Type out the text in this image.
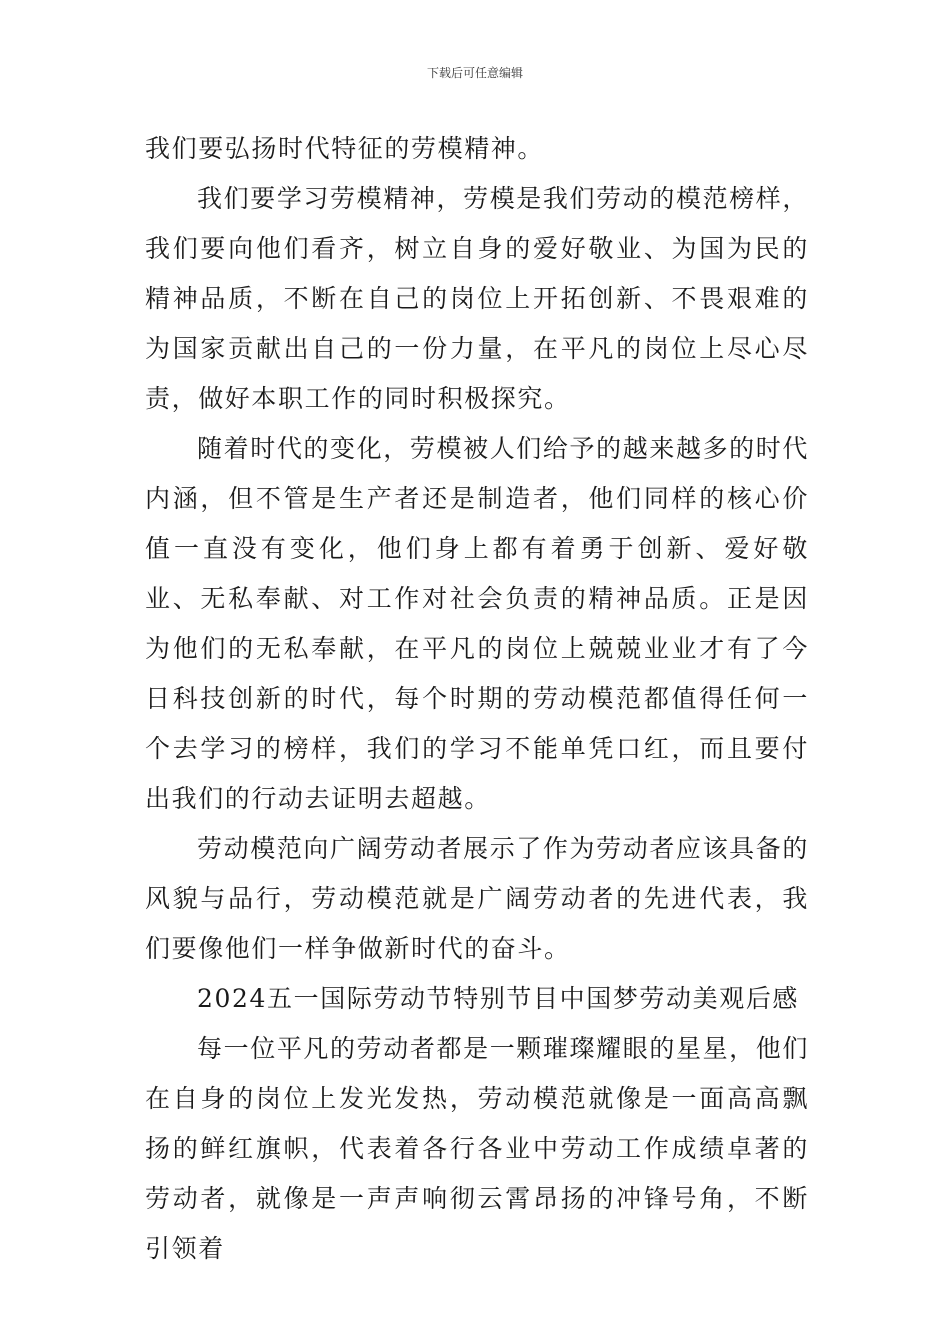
下载后可任意编辑

我们要弘扬时代特征的劳模精神。

我们要学习劳模精神，劳模是我们劳动的模范榜样，我们要向他们看齐，树立自身的爱好敬业、为国为民的精神品质，不断在自己的岗位上开拓创新、不畏艰难的为国家贡献出自己的一份力量，在平凡的岗位上尽心尽责，做好本职工作的同时积极探究。

随着时代的变化，劳模被人们给予的越来越多的时代内涵，但不管是生产者还是制造者，他们同样的核心价值一直没有变化，他们身上都有着勇于创新、爱好敬业、无私奉献、对工作对社会负责的精神品质。正是因为他们的无私奉献，在平凡的岗位上兢兢业业才有了今日科技创新的时代，每个时期的劳动模范都值得任何一个去学习的榜样，我们的学习不能单凭口红，而且要付出我们的行动去证明去超越。

劳动模范向广阔劳动者展示了作为劳动者应该具备的风貌与品行，劳动模范就是广阔劳动者的先进代表，我们要像他们一样争做新时代的奋斗。

2024五一国际劳动节特别节目中国梦劳动美观后感

每一位平凡的劳动者都是一颗璀璨耀眼的星星，他们在自身的岗位上发光发热，劳动模范就像是一面高高飘扬的鲜红旗帜，代表着各行各业中劳动工作成绩卓著的劳动者，就像是一声声响彻云霄昂扬的冲锋号角，不断引领着
